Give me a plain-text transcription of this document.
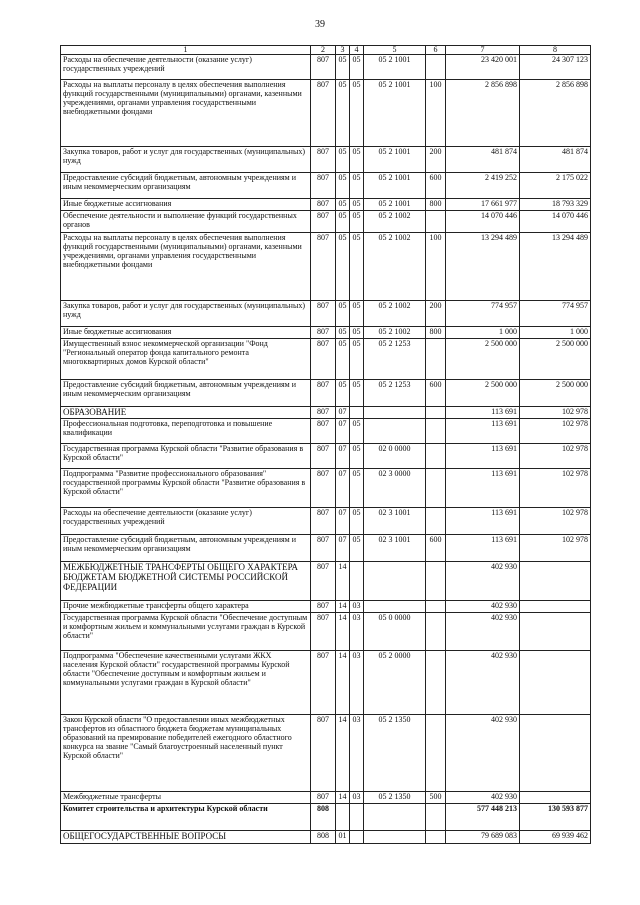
39
1	2	3	4	5	6	7	8
Расходы на обеспечение деятельности (оказание услуг) государственных учреждений	807	05	05	05 2 1001		23 420 001	24 307 123
Расходы на выплаты персоналу в целях обеспечения выполнения функций государственными (муниципальными) органами, казенными учреждениями, органами управления государственными внебюджетными фондами	807	05	05	05 2 1001	100	2 856 898	2 856 898
Закупка товаров, работ и услуг для государственных (муниципальных) нужд	807	05	05	05 2 1001	200	481 874	481 874
Предоставление субсидий бюджетным, автономным учреждениям и иным некоммерческим организациям	807	05	05	05 2 1001	600	2 419 252	2 175 022
Иные бюджетные ассигнования	807	05	05	05 2 1001	800	17 661 977	18 793 329
Обеспечение деятельности и выполнение функций государственных органов	807	05	05	05 2 1002		14 070 446	14 070 446
Расходы на выплаты персоналу в целях обеспечения выполнения функций государственными (муниципальными) органами, казенными учреждениями, органами управления государственными внебюджетными фондами	807	05	05	05 2 1002	100	13 294 489	13 294 489
Закупка товаров, работ и услуг для государственных (муниципальных) нужд	807	05	05	05 2 1002	200	774 957	774 957
Иные бюджетные ассигнования	807	05	05	05 2 1002	800	1 000	1 000
Имущественный взнос некоммерческой организации "Фонд "Региональный оператор фонда капитального ремонта многоквартирных домов Курской области"	807	05	05	05 2 1253		2 500 000	2 500 000
Предоставление субсидий бюджетным, автономным учреждениям и иным некоммерческим организациям	807	05	05	05 2 1253	600	2 500 000	2 500 000
ОБРАЗОВАНИЕ	807	07				113 691	102 978
Профессиональная подготовка, переподготовка и повышение квалификации	807	07	05			113 691	102 978
Государственная программа Курской области "Развитие образования в Курской области"	807	07	05	02 0 0000		113 691	102 978
Подпрограмма "Развитие профессионального образования" государственной программы Курской области "Развитие образования в Курской области"	807	07	05	02 3 0000		113 691	102 978
Расходы на обеспечение деятельности (оказание услуг) государственных учреждений	807	07	05	02 3 1001		113 691	102 978
Предоставление субсидий бюджетным, автономным учреждениям и иным некоммерческим организациям	807	07	05	02 3 1001	600	113 691	102 978
МЕЖБЮДЖЕТНЫЕ ТРАНСФЕРТЫ ОБЩЕГО ХАРАКТЕРА БЮДЖЕТАМ БЮДЖЕТНОЙ СИСТЕМЫ РОССИЙСКОЙ ФЕДЕРАЦИИ	807	14				402 930	
Прочие межбюджетные трансферты общего характера	807	14	03			402 930	
Государственная программа Курской области "Обеспечение доступным и комфортным жильем и коммунальными услугами граждан в Курской области"	807	14	03	05 0 0000		402 930	
Подпрограмма "Обеспечение качественными услугами ЖКХ населения Курской области" государственной программы Курской области "Обеспечение доступным и комфортным жильем и коммунальными услугами граждан в Курской области"	807	14	03	05 2 0000		402 930	
Закон Курской области "О предоставлении иных межбюджетных трансфертов из областного бюджета бюджетам муниципальных образований на премирование победителей ежегодного областного конкурса на звание "Самый благоустроенный населенный пункт Курской области"	807	14	03	05 2 1350		402 930	
Межбюджетные трансферты	807	14	03	05 2 1350	500	402 930	
Комитет строительства и архитектуры Курской области	808					577 448 213	130 593 877
ОБЩЕГОСУДАРСТВЕННЫЕ ВОПРОСЫ	808	01				79 689 083	69 939 462
